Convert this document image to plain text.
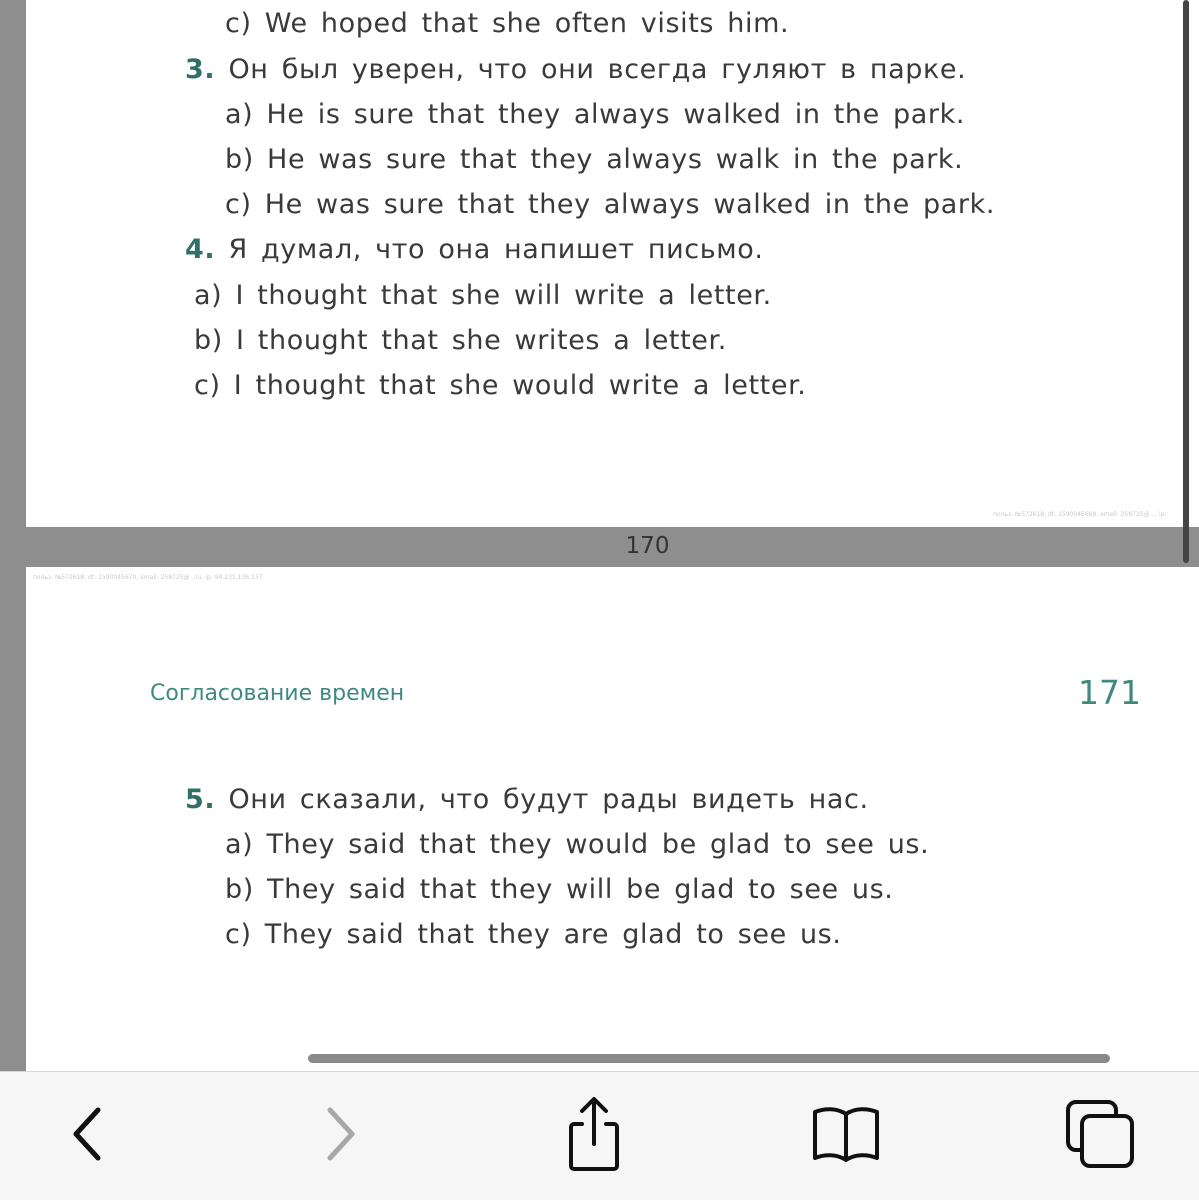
c) We hoped that she often visits him.
3. Он был уверен, что они всегда гуляют в парке.
a) He is sure that they always walked in the park.
b) He was sure that they always walk in the park.
c) He was sure that they always walked in the park.
4. Я думал, что она напишет письмо.
a) I thought that she will write a letter.
b) I thought that she writes a letter.
c) I thought that she would write a letter.
польз. №572618; dt: 1590045669, email: 258725@..., ip:
170
польз. №572618; dt: 1590045670, email: 258725@...ru, ip: 94.231.136.137
Согласование времен	171
5. Они сказали, что будут рады видеть нас.
a) They said that they would be glad to see us.
b) They said that they will be glad to see us.
c) They said that they are glad to see us.
